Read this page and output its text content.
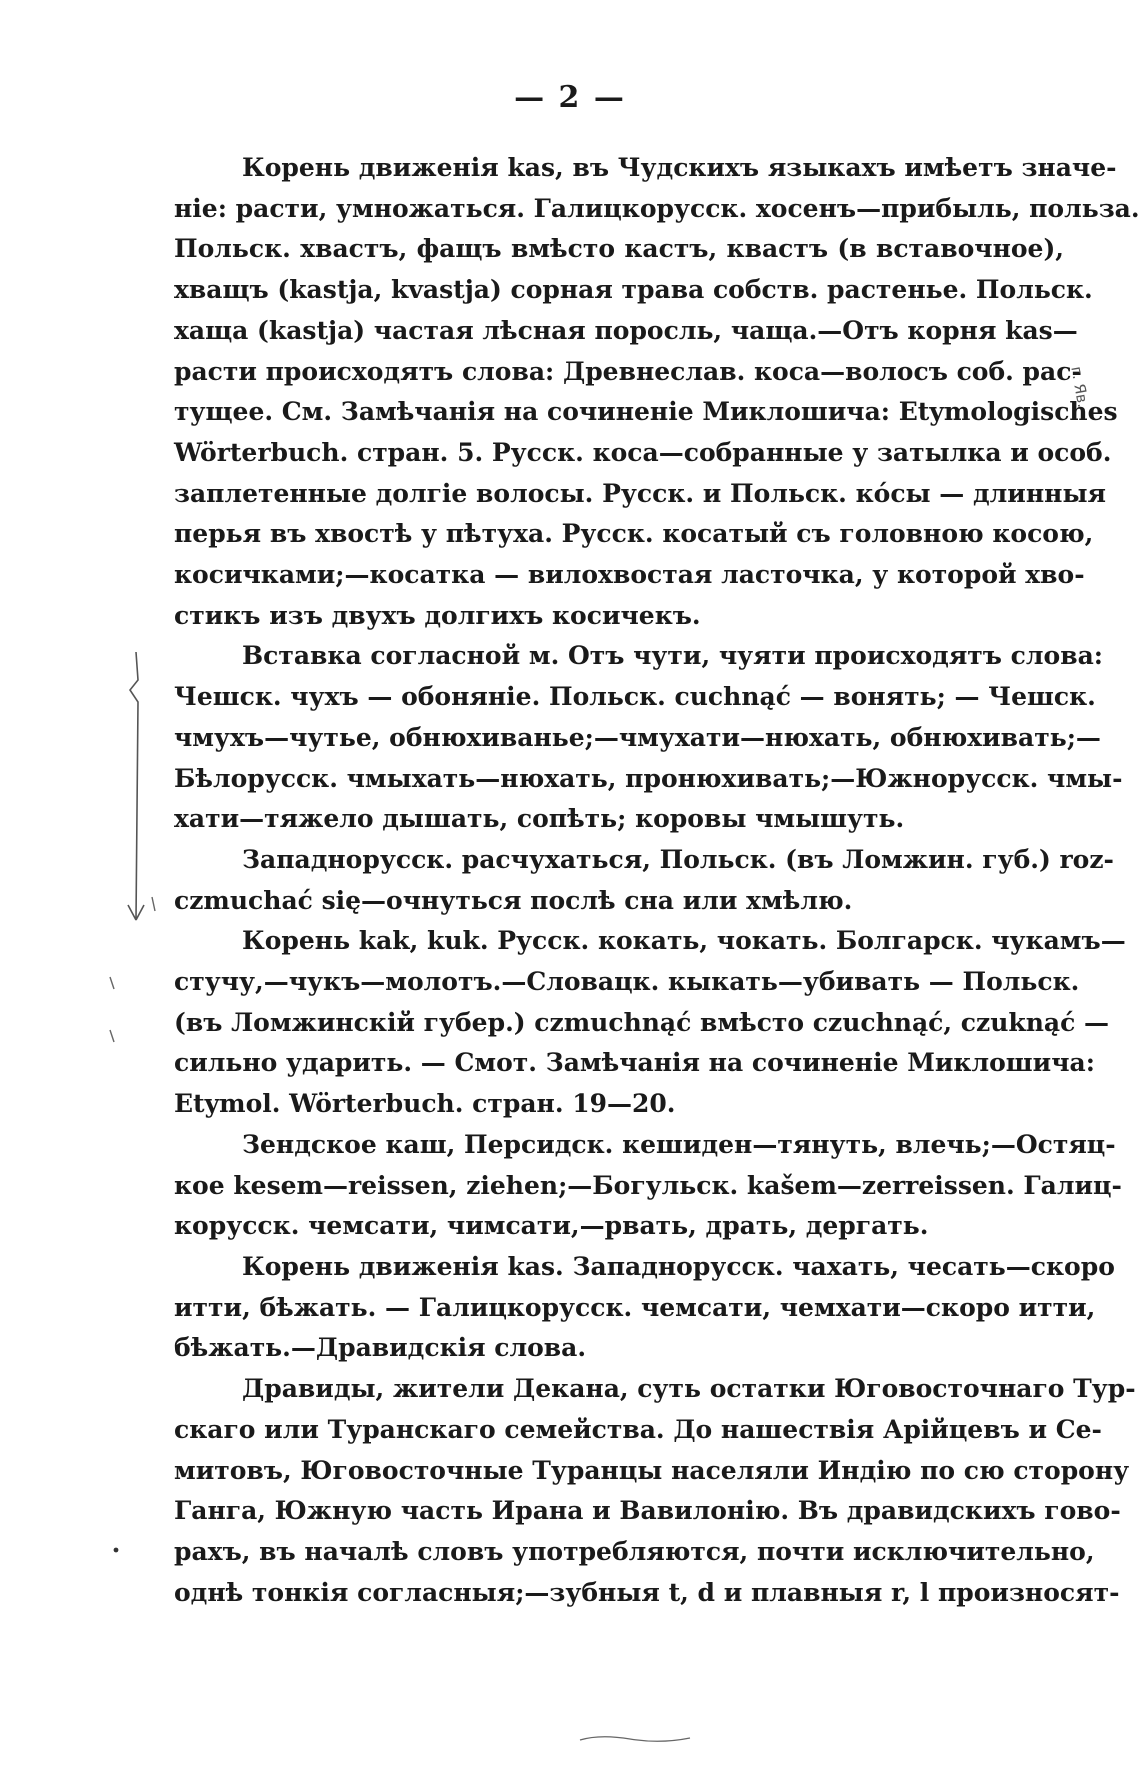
— 2 —

Корень движенія kas, въ Чудскихъ языкахъ имѣетъ значе-
ніе: расти, умножаться. Галицкорусск. хосенъ—прибыль, польза.
Польск. хвастъ, фащъ вмѣсто кастъ, квастъ (в вставочное),
хващъ (kastja, kvastja) сорная трава собств. растенье. Польск.
хаща (kastja) частая лѣсная поросль, чаща.—Отъ корня kas—
расти происходятъ слова: Древнеслав. коса—волосъ соб. рас-
тущее. См. Замѣчанія на сочиненіе Миклошича: Etymologisches
Wörterbuch. стран. 5. Русск. коса—собранные у затылка и особ.
заплетенные долгіе волосы. Русск. и Польск. кóсы — длинныя
перья въ хвостѣ у пѣтуха. Русск. косатый съ головною косою,
косичками;—косатка — вилохвостая ласточка, у которой хво-
стикъ изъ двухъ долгихъ косичекъ.

Вставка согласной м. Отъ чути, чуяти происходятъ слова:
Чешск. чухъ — обоняніе. Польск. cuchnąć — вонять; — Чешск.
чмухъ—чутье, обнюхиванье;—чмухати—нюхать, обнюхивать;—
Бѣлорусск. чмыхать—нюхать, пронюхивать;—Южнорусск. чмы-
хати—тяжело дышать, сопѣть; коровы чмышуть.

Западнорусск. расчухаться, Польск. (въ Ломжин. губ.) roz-
czmuchać się—очнуться послѣ сна или хмѣлю.

Корень kak, kuk. Русск. кокать, чокать. Болгарск. чукамъ—
стучу,—чукъ—молотъ.—Словацк. кыкать—убивать — Польск.
(въ Ломжинскій губер.) czmuchnąć вмѣсто czuchnąć, czuknąć —
сильно ударить. — Смот. Замѣчанія на сочиненіе Миклошича:
Etymol. Wörterbuch. стран. 19—20.

Зендское каш, Персидск. кешиден—тянуть, влечь;—Остяц-
кое kesem—reissen, ziehen;—Богульск. kašem—zerreissen. Галиц-
корусск. чемсати, чимсати,—рвать, драть, дергать.

Корень движенія kas. Западнорусск. чахать, чесать—скоро
итти, бѣжать. — Галицкорусск. чемсати, чемхати—скоро итти,
бѣжать.—Дравидскія слова.

Дравиды, жители Декана, суть остатки Юговосточнаго Тур-
скаго или Туранскаго семейства. До нашествія Арійцевъ и Се-
митовъ, Юговосточные Туранцы населяли Индію по сю сторону
Ганга, Южную часть Ирана и Вавилонію. Въ дравидскихъ гово-
рахъ, въ началѣ словъ употребляются, почти исключительно,
однѣ тонкія согласныя;—зубныя t, d и плавныя r, l произносят-

г. Яв.
